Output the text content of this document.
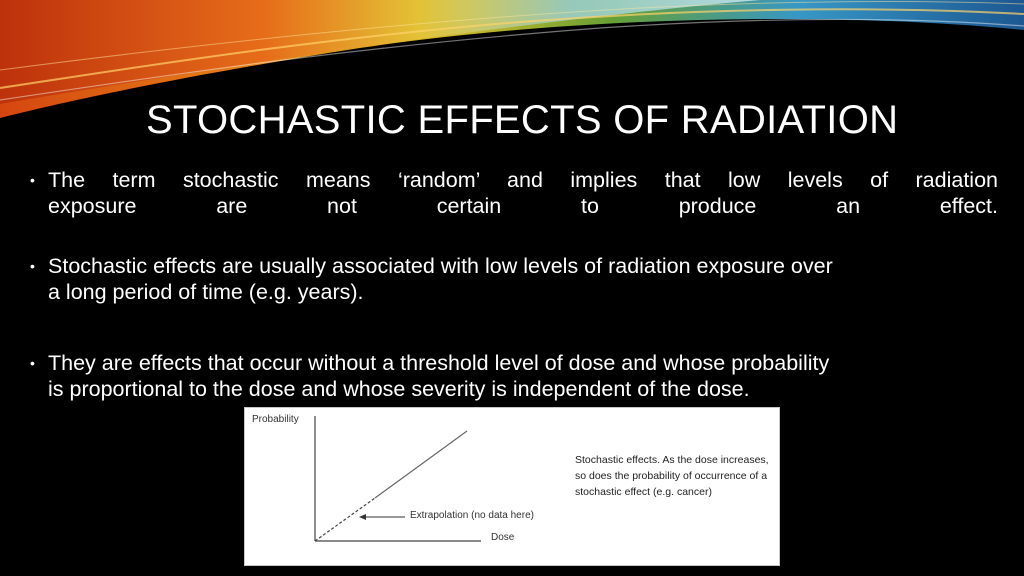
STOCHASTIC EFFECTS OF RADIATION
• The term stochastic means ‘random’ and implies that low levels of radiation
exposure are not certain to produce an effect.
• Stochastic effects are usually associated with low levels of radiation exposure over
a long period of time (e.g. years).
• They are effects that occur without a threshold level of dose and whose probability
is proportional to the dose and whose severity is independent of the dose.
Probability
Dose
Extrapolation (no data here)
Stochastic effects. As the dose increases, so does the probability of occurrence of a stochastic effect (e.g. cancer)
